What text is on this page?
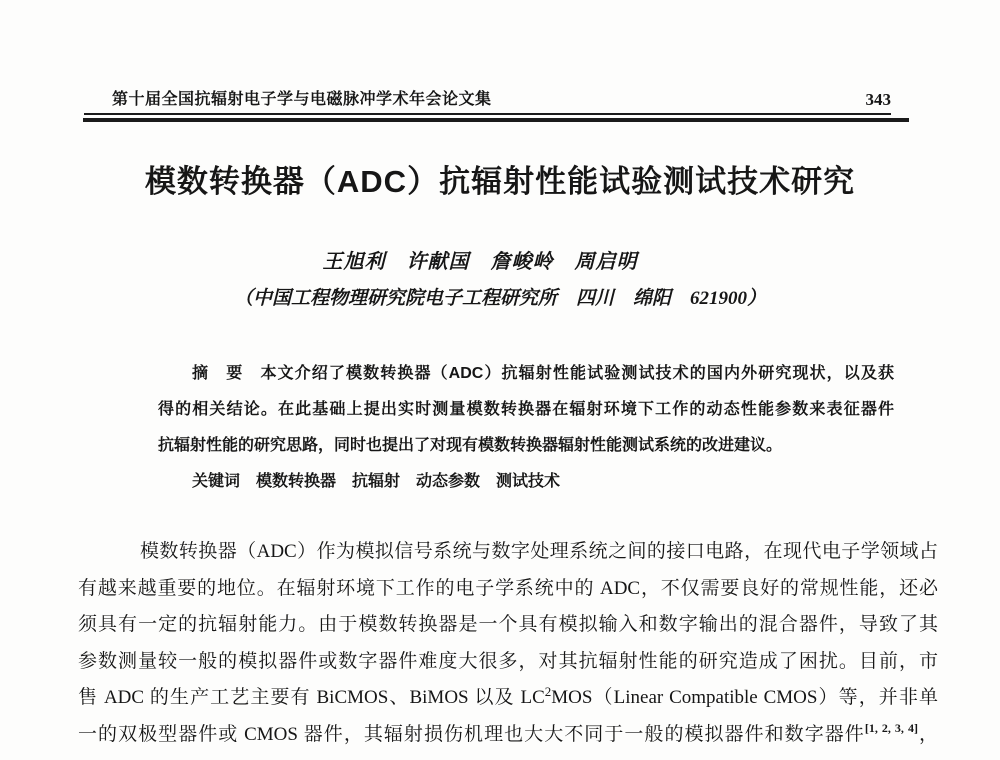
第十届全国抗辐射电子学与电磁脉冲学术年会论文集	343
模数转换器（ADC）抗辐射性能试验测试技术研究
王旭利　许献国　詹峻岭　周启明
（中国工程物理研究院电子工程研究所　四川　绵阳　621900）
摘　要　本文介绍了模数转换器（ADC）抗辐射性能试验测试技术的国内外研究现状，以及获
得的相关结论。在此基础上提出实时测量模数转换器在辐射环境下工作的动态性能参数来表征器件
抗辐射性能的研究思路，同时也提出了对现有模数转换器辐射性能测试系统的改进建议。
关键词　模数转换器　抗辐射　动态参数　测试技术
模数转换器（ADC）作为模拟信号系统与数字处理系统之间的接口电路，在现代电子学领域占
有越来越重要的地位。在辐射环境下工作的电子学系统中的 ADC，不仅需要良好的常规性能，还必
须具有一定的抗辐射能力。由于模数转换器是一个具有模拟输入和数字输出的混合器件，导致了其
参数测量较一般的模拟器件或数字器件难度大很多，对其抗辐射性能的研究造成了困扰。目前，市
售 ADC 的生产工艺主要有 BiCMOS、BiMOS 以及 $LC^2MOS(Linear$ Compatible CMOS）等，并非单
一的双极型器件或 CMOS 器件，其辐射损伤机理也大大不同于一般的模拟器件和数字器件[1, 2, 3, 4]，
